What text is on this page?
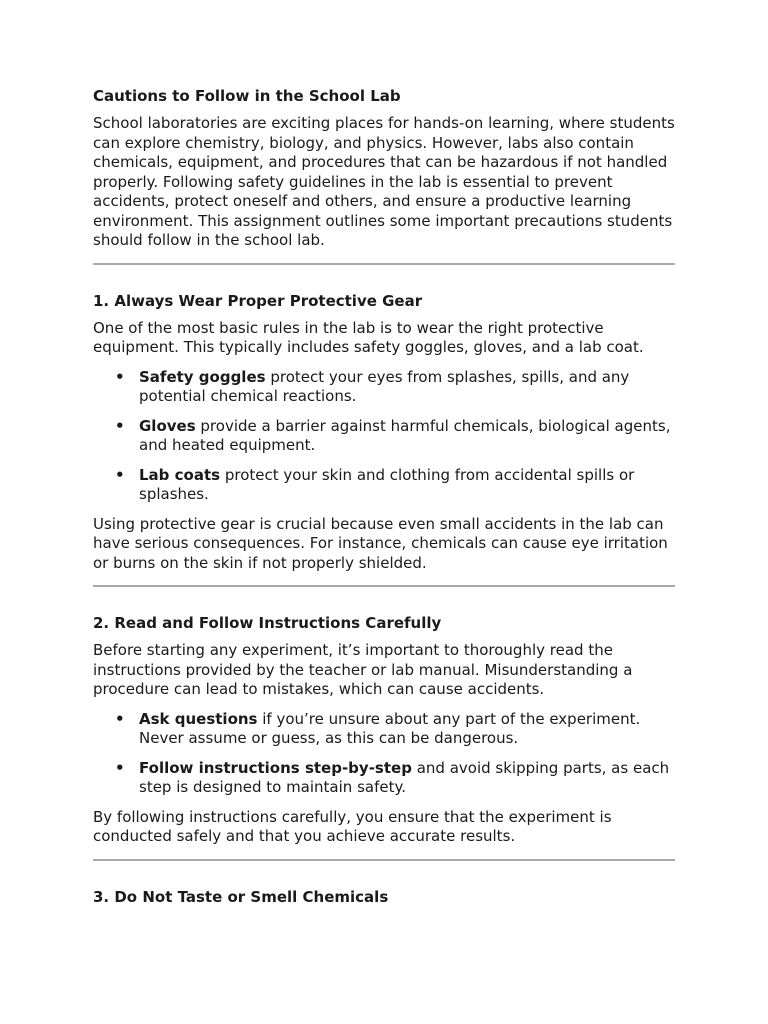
Cautions to Follow in the School Lab

School laboratories are exciting places for hands-on learning, where students can explore chemistry, biology, and physics. However, labs also contain chemicals, equipment, and procedures that can be hazardous if not handled properly. Following safety guidelines in the lab is essential to prevent accidents, protect oneself and others, and ensure a productive learning environment. This assignment outlines some important precautions students should follow in the school lab.

1. Always Wear Proper Protective Gear

One of the most basic rules in the lab is to wear the right protective equipment. This typically includes safety goggles, gloves, and a lab coat.

• Safety goggles protect your eyes from splashes, spills, and any potential chemical reactions.
• Gloves provide a barrier against harmful chemicals, biological agents, and heated equipment.
• Lab coats protect your skin and clothing from accidental spills or splashes.

Using protective gear is crucial because even small accidents in the lab can have serious consequences. For instance, chemicals can cause eye irritation or burns on the skin if not properly shielded.

2. Read and Follow Instructions Carefully

Before starting any experiment, it’s important to thoroughly read the instructions provided by the teacher or lab manual. Misunderstanding a procedure can lead to mistakes, which can cause accidents.

• Ask questions if you’re unsure about any part of the experiment. Never assume or guess, as this can be dangerous.
• Follow instructions step-by-step and avoid skipping parts, as each step is designed to maintain safety.

By following instructions carefully, you ensure that the experiment is conducted safely and that you achieve accurate results.

3. Do Not Taste or Smell Chemicals
